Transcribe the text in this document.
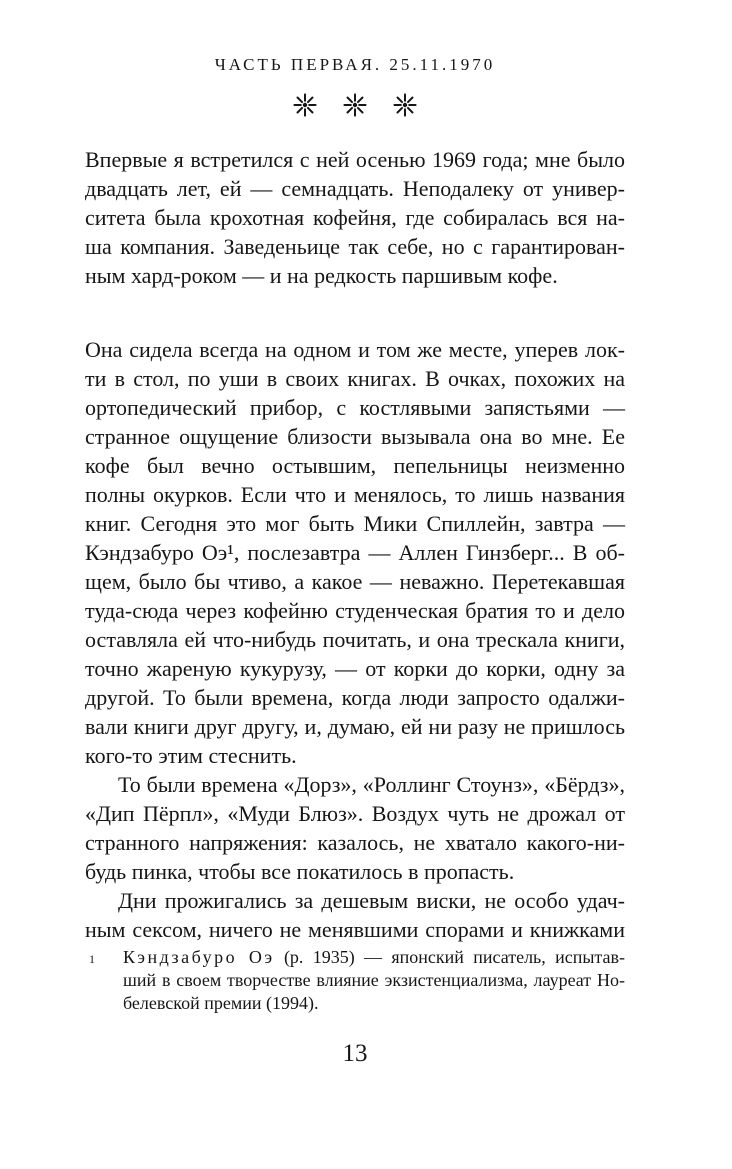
ЧАСТЬ ПЕРВАЯ. 25.11.1970
Впервые я встретился с ней осенью 1969 года; мне было
двадцать лет, ей — семнадцать. Неподалеку от универ-
ситета была крохотная кофейня, где собиралась вся на-
ша компания. Заведеньице так себе, но с гарантирован-
ным хард-роком — и на редкость паршивым кофе.
Она сидела всегда на одном и том же месте, уперев лок-
ти в стол, по уши в своих книгах. В очках, похожих на
ортопедический прибор, с костлявыми запястьями —
странное ощущение близости вызывала она во мне. Ее
кофе был вечно остывшим, пепельницы неизменно
полны окурков. Если что и менялось, то лишь названия
книг. Сегодня это мог быть Мики Спиллейн, завтра —
Кэндзабуро Оэ¹, послезавтра — Аллен Гинзберг... В об-
щем, было бы чтиво, а какое — неважно. Перетекавшая
туда-сюда через кофейню студенческая братия то и дело
оставляла ей что-нибудь почитать, и она трескала книги,
точно жареную кукурузу, — от корки до корки, одну за
другой. То были времена, когда люди запросто одалжи-
вали книги друг другу, и, думаю, ей ни разу не пришлось
кого-то этим стеснить.
То были времена «Дорз», «Роллинг Стоунз», «Бёрдз»,
«Дип Пёрпл», «Муди Блюз». Воздух чуть не дрожал от
странного напряжения: казалось, не хватало какого-ни-
будь пинка, чтобы все покатилось в пропасть.
Дни прожигались за дешевым виски, не особо удач-
ным сексом, ничего не менявшими спорами и книжками
1	Кэндзабуро Оэ (р. 1935) — японский писатель, испытав-
ший в своем творчестве влияние экзистенциализма, лауреат Но-
белевской премии (1994).
13
